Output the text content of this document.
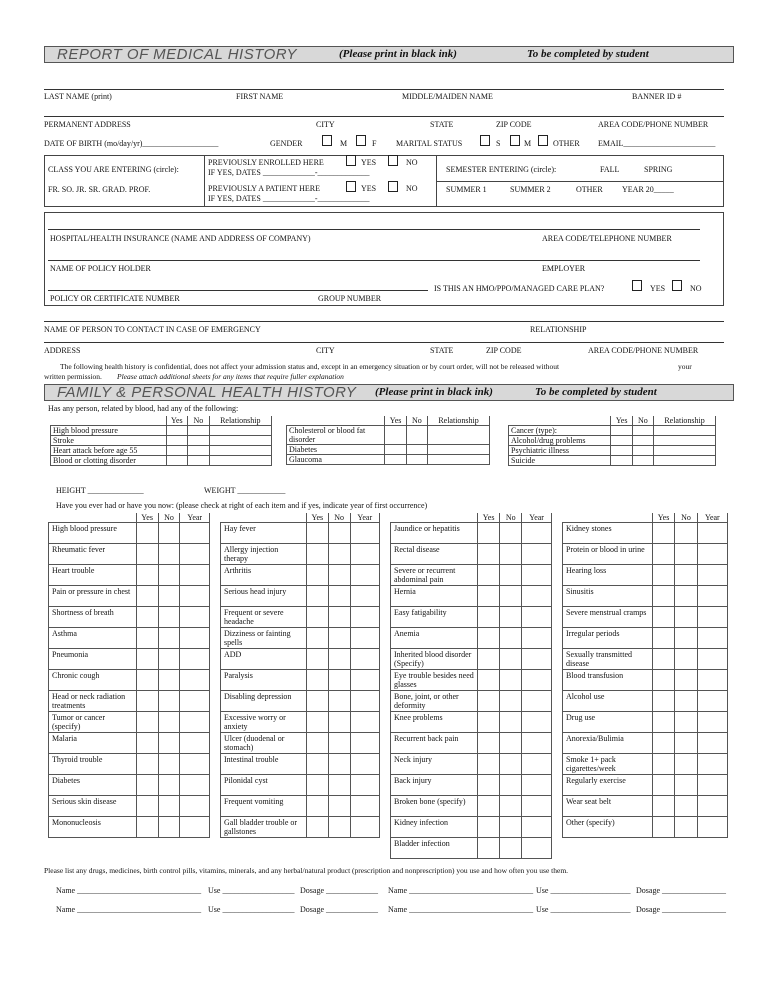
REPORT OF MEDICAL HISTORY	(Please print in black ink)	To be completed by student
LAST NAME (print)	FIRST NAME	MIDDLE/MAIDEN NAME	BANNER ID #
PERMANENT ADDRESS	CITY	STATE	ZIP CODE	AREA CODE/PHONE NUMBER
DATE OF BIRTH (mo/day/yr)___________________	GENDER	M	F MARITAL STATUS	S	M	OTHER EMAIL_______________________
CLASS YOU ARE ENTERING (circle):
FR. SO. JR. SR. GRAD. PROF.
PREVIOUSLY ENROLLED HERE	YES	NO
IF YES, DATES _____________-_____________
PREVIOUSLY A PATIENT HERE	YES	NO
IF YES, DATES _____________-_____________
SEMESTER ENTERING (circle):	FALL	SPRING
SUMMER 1	SUMMER 2	OTHER YEAR 20_____
HOSPITAL/HEALTH INSURANCE (NAME AND ADDRESS OF COMPANY)	AREA CODE/TELEPHONE NUMBER
NAME OF POLICY HOLDER	EMPLOYER
IS THIS AN HMO/PPO/MANAGED CARE PLAN?	YES	NO
POLICY OR CERTIFICATE NUMBER	GROUP NUMBER
NAME OF PERSON TO CONTACT IN CASE OF EMERGENCY	RELATIONSHIP
ADDRESS	CITY	STATE	ZIP CODE	AREA CODE/PHONE NUMBER
The following health history is confidential, does not affect your admission status and, except in an emergency situation or by court order, will not be released without	your
written permission. Please attach additional sheets for any items that require fuller explanation
FAMILY & PERSONAL HEALTH HISTORY (Please print in black ink)	To be completed by student
Has any person, related by blood, had any of the following:
	Yes	No	Relationship
High blood pressure			
Stroke			
Heart attack before age 55			
Blood or clotting disorder			
	Yes	No	Relationship
Cholesterol or blood fat disorder			
Diabetes			
Glaucoma			
	Yes	No	Relationship
Cancer (type):			
Alcohol/drug problems			
Psychiatric illness			
Suicide			
HEIGHT ______________	WEIGHT ____________
Have you ever had or have you now: (please check at right of each item and if yes, indicate year of first occurrence)
	Yes	No	Year
High blood pressure			
Rheumatic fever			
Heart trouble			
Pain or pressure in chest			
Shortness of breath			
Asthma			
Pneumonia			
Chronic cough			
Head or neck radiation treatments			
Tumor or cancer (specify)			
Malaria			
Thyroid trouble			
Diabetes			
Serious skin disease			
Mononucleosis			
	Yes	No	Year
Hay fever			
Allergy injection therapy			
Arthritis			
Serious head injury			
Frequent or severe headache			
Dizziness or fainting spells			
ADD			
Paralysis			
Disabling depression			
Excessive worry or anxiety			
Ulcer (duodenal or stomach)			
Intestinal trouble			
Pilonidal cyst			
Frequent vomiting			
Gall bladder trouble or gallstones			
	Yes	No	Year
Jaundice or hepatitis			
Rectal disease			
Severe or recurrent abdominal pain			
Hernia			
Easy fatigability			
Anemia			
Inherited blood disorder (Specify)			
Eye trouble besides need glasses			
Bone, joint, or other deformity			
Knee problems			
Recurrent back pain			
Neck injury			
Back injury			
Broken bone (specify)			
Kidney infection			
Bladder infection			
	Yes	No	Year
Kidney stones			
Protein or blood in urine			
Hearing loss			
Sinusitis			
Severe menstrual cramps			
Irregular periods			
Sexually transmitted disease			
Blood transfusion			
Alcohol use			
Drug use			
Anorexia/Bulimia			
Smoke 1+ pack cigarettes/week			
Regularly exercise			
Wear seat belt			
Other (specify)			
Please list any drugs, medicines, birth control pills, vitamins, minerals, and any herbal/natural product (prescription and nonprescription) you use and how often you use them.
Name _______________________________ Use __________________ Dosage _____________ Name _______________________________ Use ____________________ Dosage ________________
Name _______________________________ Use __________________ Dosage _____________ Name _______________________________ Use ____________________ Dosage ________________
